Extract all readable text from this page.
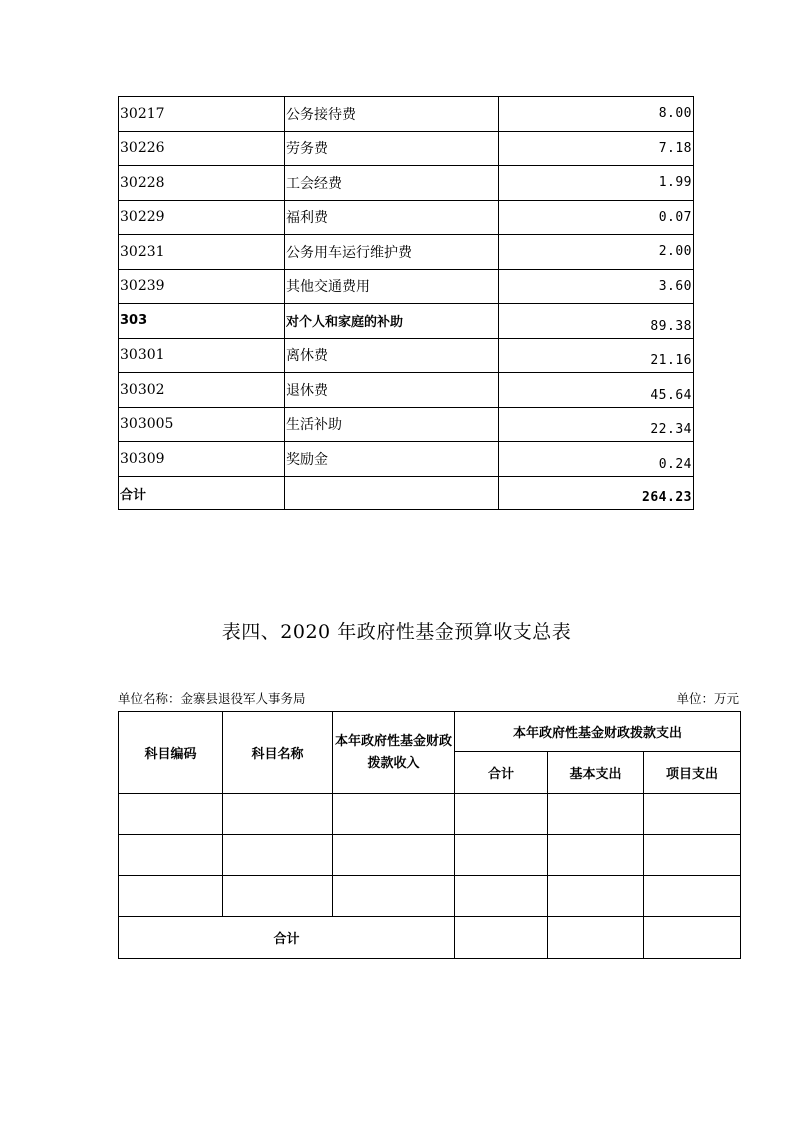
30217	公务接待费	8.00
30226	劳务费	7.18
30228	工会经费	1.99
30229	福利费	0.07
30231	公务用车运行维护费	2.00
30239	其他交通费用	3.60
303	对个人和家庭的补助	89.38
30301	离休费	21.16
30302	退休费	45.64
303005	生活补助	22.34
30309	奖励金	0.24
合计		264.23
表四、2020 年政府性基金预算收支总表
单位名称：金寨县退役军人事务局	单位：万元
科目编码	科目名称	本年政府性基金财政拨款收入	本年政府性基金财政拨款支出		
			合计	基本支出	项目支出

合计					
